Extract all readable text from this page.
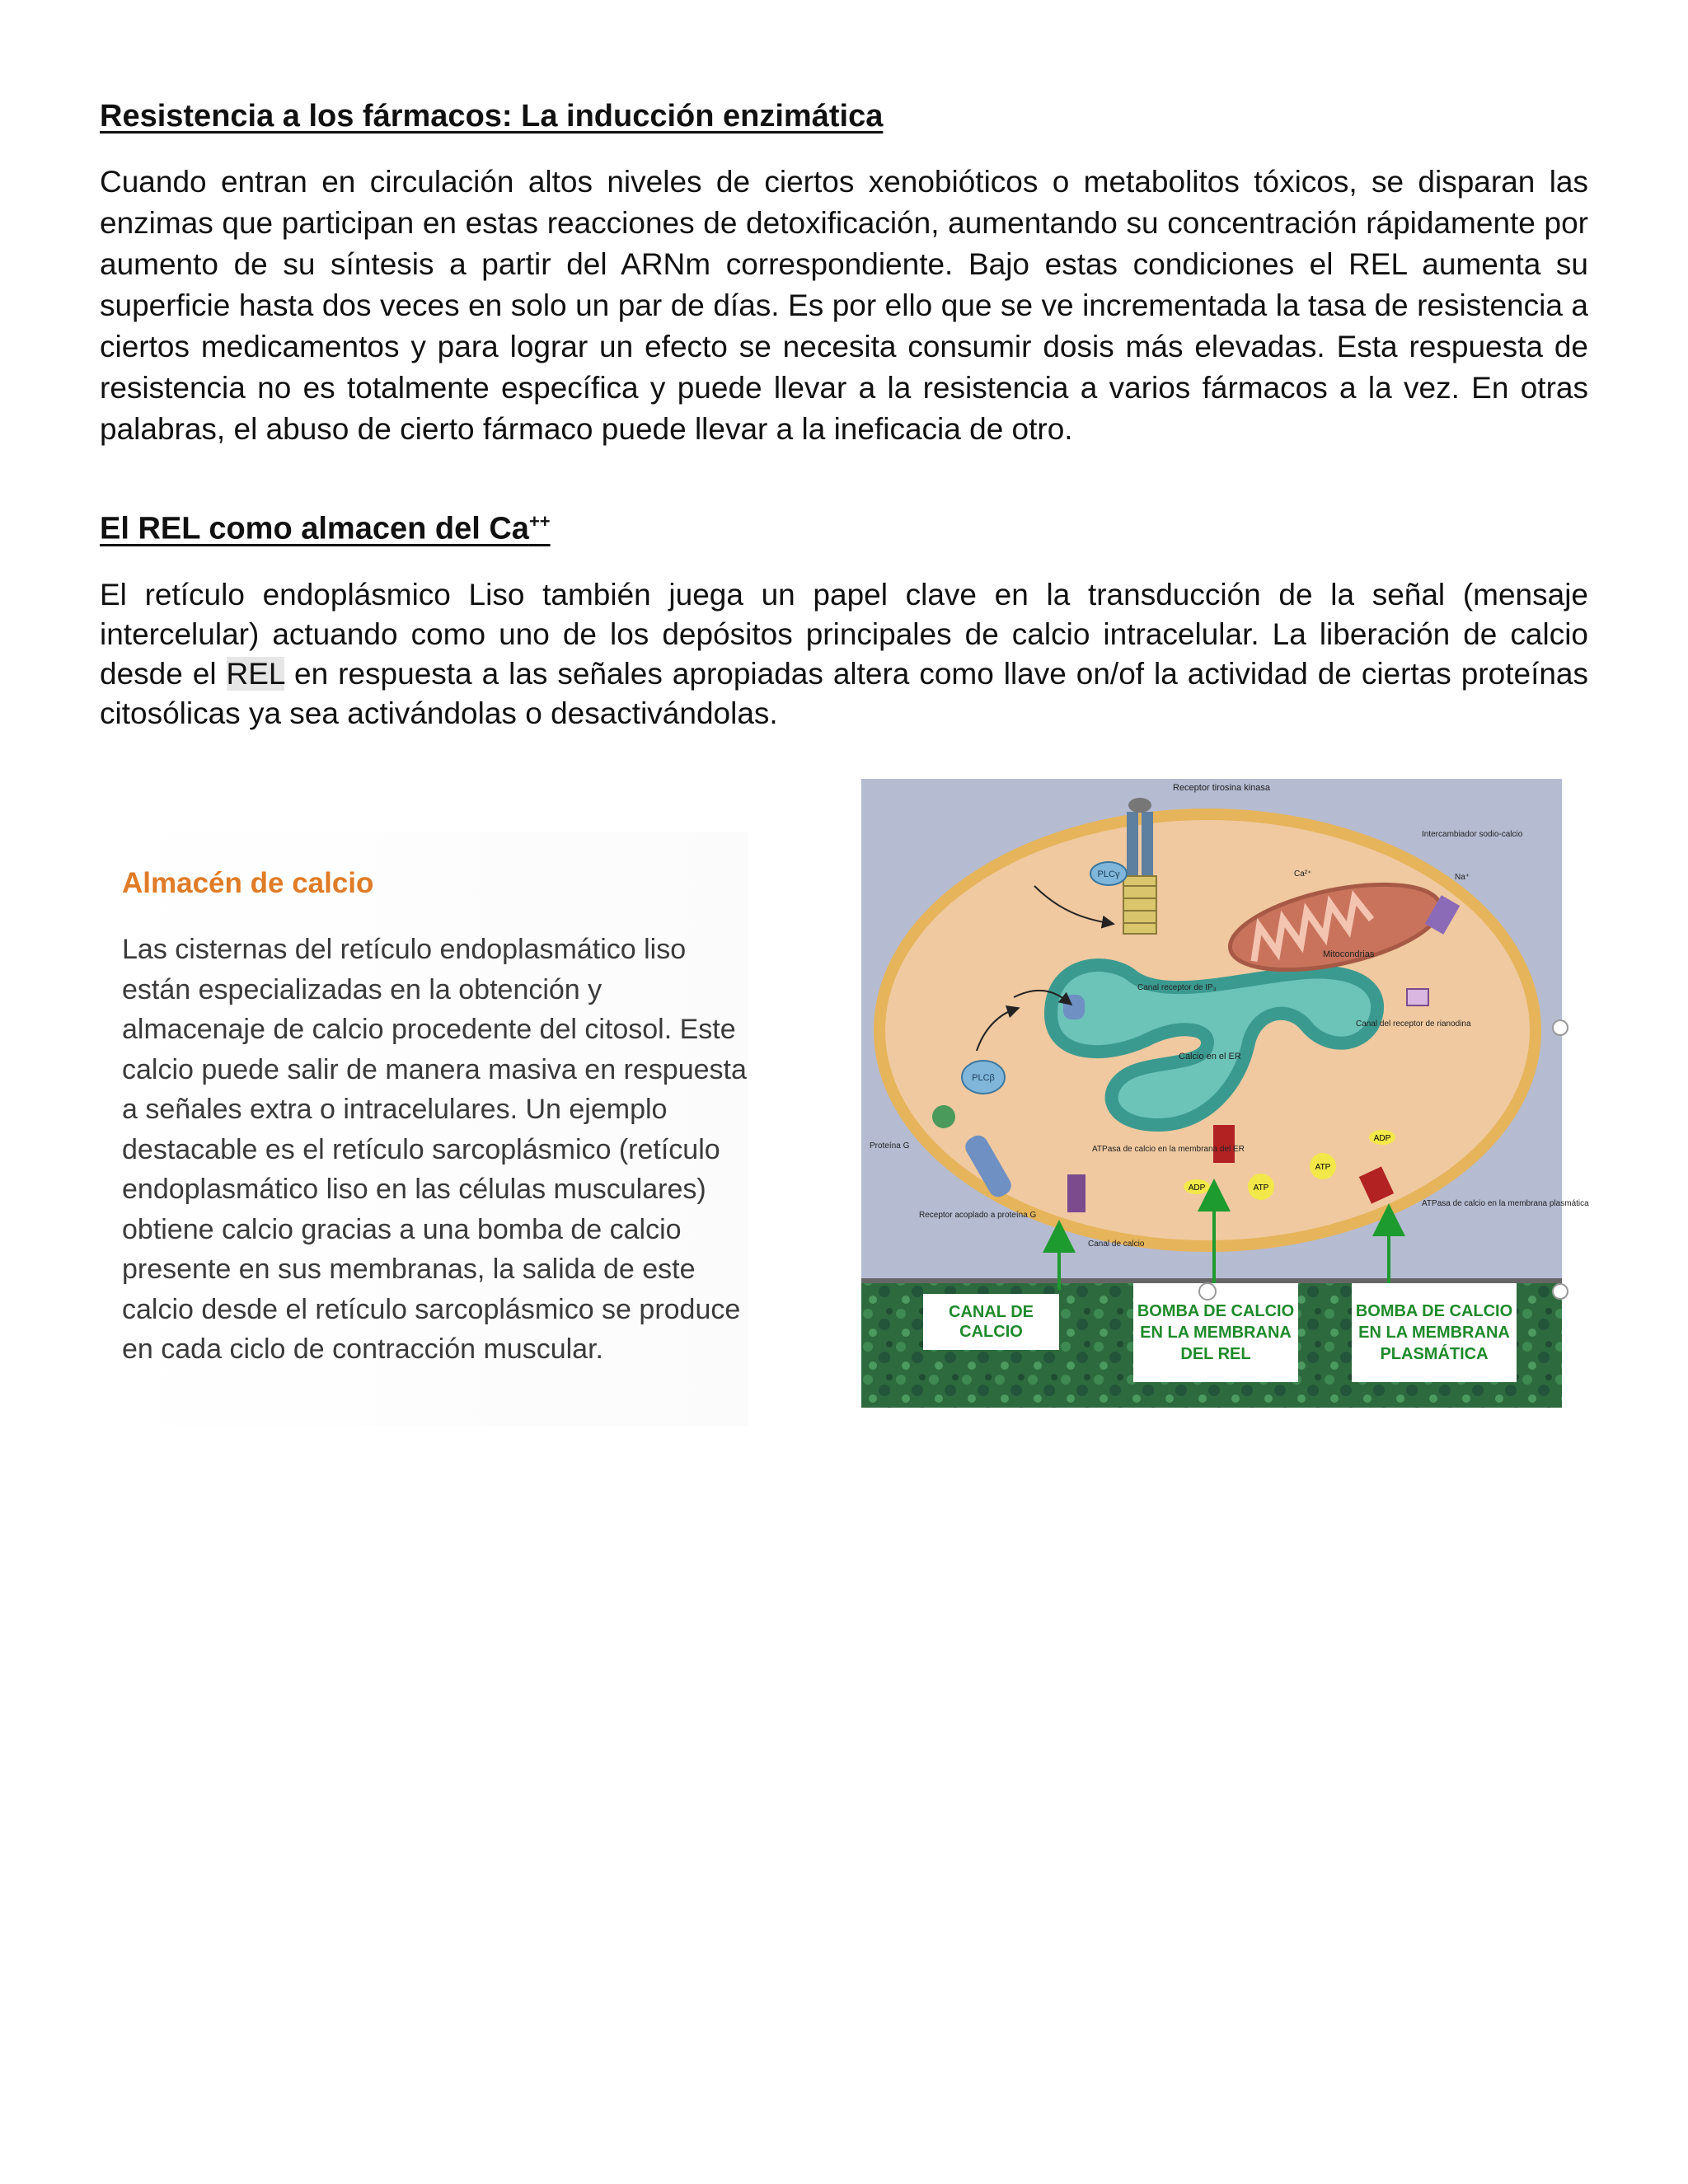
Resistencia a los fármacos: La inducción enzimática

Cuando entran en circulación altos niveles de ciertos xenobióticos o metabolitos tóxicos, se disparan las enzimas que participan en estas reacciones de detoxificación, aumentando su concentración rápidamente por aumento de su síntesis a partir del ARNm correspondiente. Bajo estas condiciones el REL aumenta su superficie hasta dos veces en solo un par de días. Es por ello que se ve incrementada la tasa de resistencia a ciertos medicamentos y para lograr un efecto se necesita consumir dosis más elevadas. Esta respuesta de resistencia no es totalmente específica y puede llevar a la resistencia a varios fármacos a la vez. En otras palabras, el abuso de cierto fármaco puede llevar a la ineficacia de otro.

El REL como almacen del Ca++

El retículo endoplásmico Liso también juega un papel clave en la transducción de la señal (mensaje intercelular) actuando como uno de los depósitos principales de calcio intracelular. La liberación de calcio desde el REL en respuesta a las señales apropiadas altera como llave on/of la actividad de ciertas proteínas citosólicas ya sea activándolas o desactivándolas.

Almacén de calcio
Las cisternas del retículo endoplasmático liso están especializadas en la obtención y almacenaje de calcio procedente del citosol. Este calcio puede salir de manera masiva en respuesta a señales extra o intracelulares. Un ejemplo destacable es el retículo sarcoplásmico (retículo endoplasmático liso en las células musculares) obtiene calcio gracias a una bomba de calcio presente en sus membranas, la salida de este calcio desde el retículo sarcoplásmico se produce en cada ciclo de contracción muscular.
PLCγ
PLCβ
ATP
ATP
ADP
ADP
Receptor tirosina kinasa
Intercambiador sodio-calcio
Na⁺
Ca²⁺
Mitocondrias
Canal receptor de IP₃
Calcio en el ER
Canal del receptor de rianodina
Proteína G	ATPasa de calcio en la membrana del ER
Receptor acoplado a proteína G
Canal de calcio
ATPasa de calcio en la membrana plasmática
CANAL DE CALCIO
BOMBA DE CALCIO EN LA MEMBRANA DEL REL
BOMBA DE CALCIO EN LA MEMBRANA PLASMÁTICA
